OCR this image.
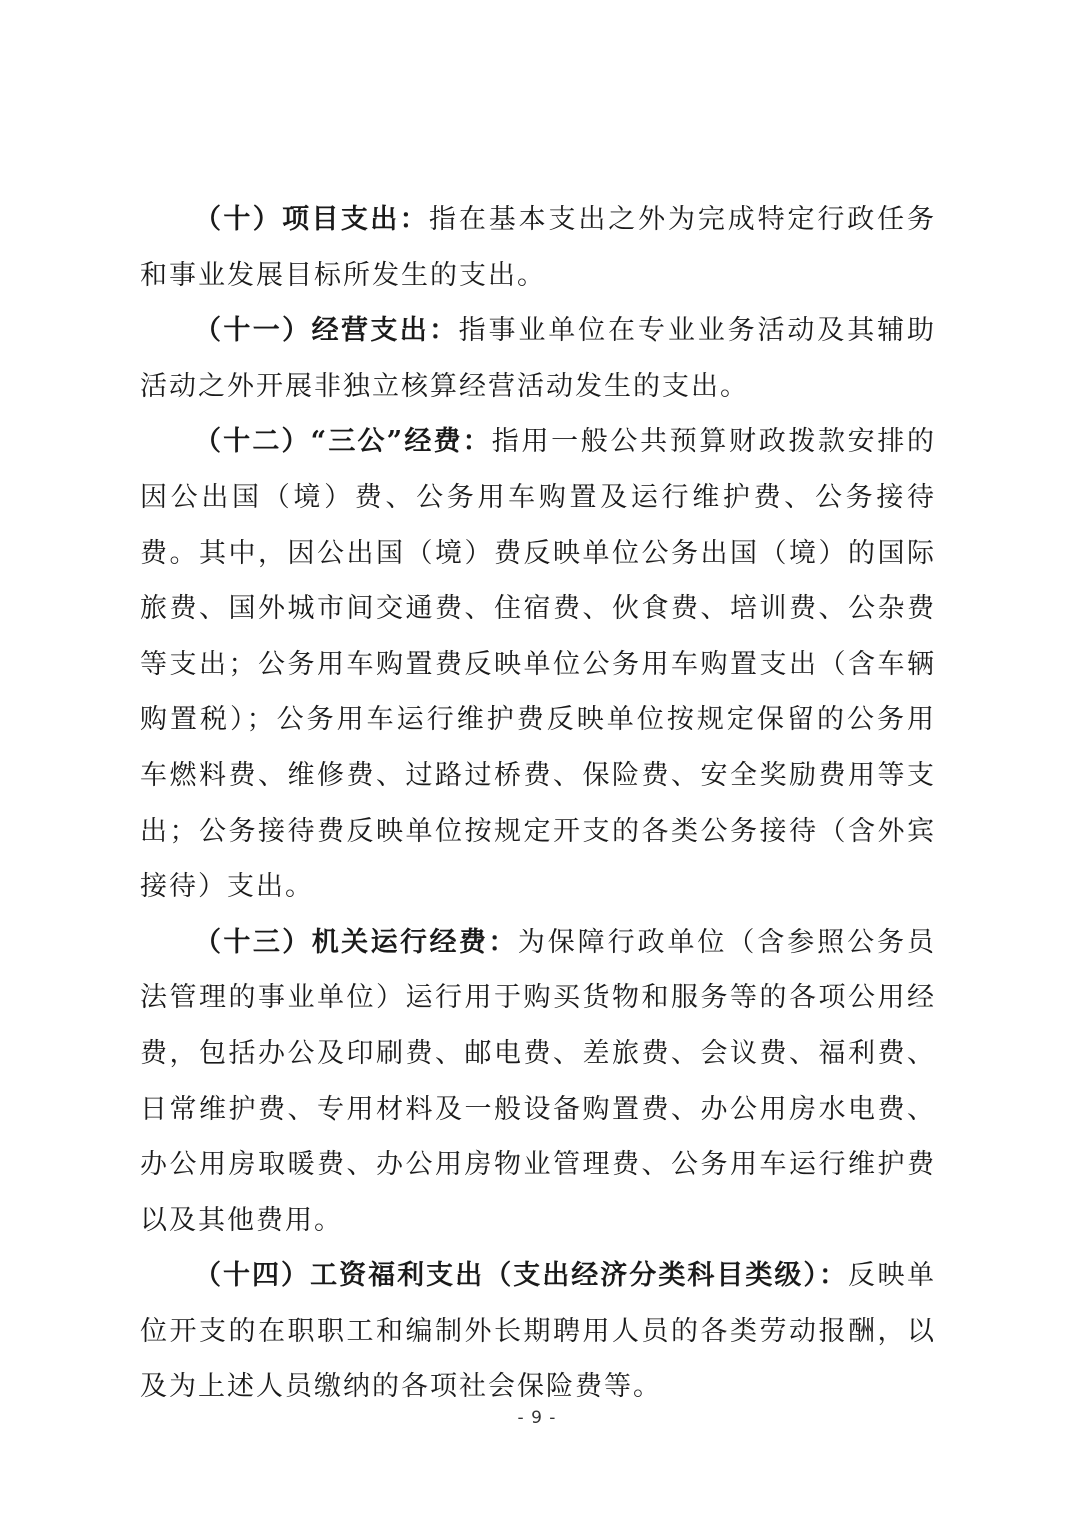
（十）项目支出：指在基本支出之外为完成特定行政任务和事业发展目标所发生的支出。

（十一）经营支出：指事业单位在专业业务活动及其辅助活动之外开展非独立核算经营活动发生的支出。

（十二）“三公”经费：指用一般公共预算财政拨款安排的因公出国（境）费、公务用车购置及运行维护费、公务接待费。其中，因公出国（境）费反映单位公务出国（境）的国际旅费、国外城市间交通费、住宿费、伙食费、培训费、公杂费等支出；公务用车购置费反映单位公务用车购置支出（含车辆购置税）；公务用车运行维护费反映单位按规定保留的公务用车燃料费、维修费、过路过桥费、保险费、安全奖励费用等支出；公务接待费反映单位按规定开支的各类公务接待（含外宾接待）支出。

（十三）机关运行经费：为保障行政单位（含参照公务员法管理的事业单位）运行用于购买货物和服务等的各项公用经费，包括办公及印刷费、邮电费、差旅费、会议费、福利费、日常维护费、专用材料及一般设备购置费、办公用房水电费、办公用房取暖费、办公用房物业管理费、公务用车运行维护费以及其他费用。

（十四）工资福利支出（支出经济分类科目类级）：反映单位开支的在职职工和编制外长期聘用人员的各类劳动报酬，以及为上述人员缴纳的各项社会保险费等。

- 9 -
